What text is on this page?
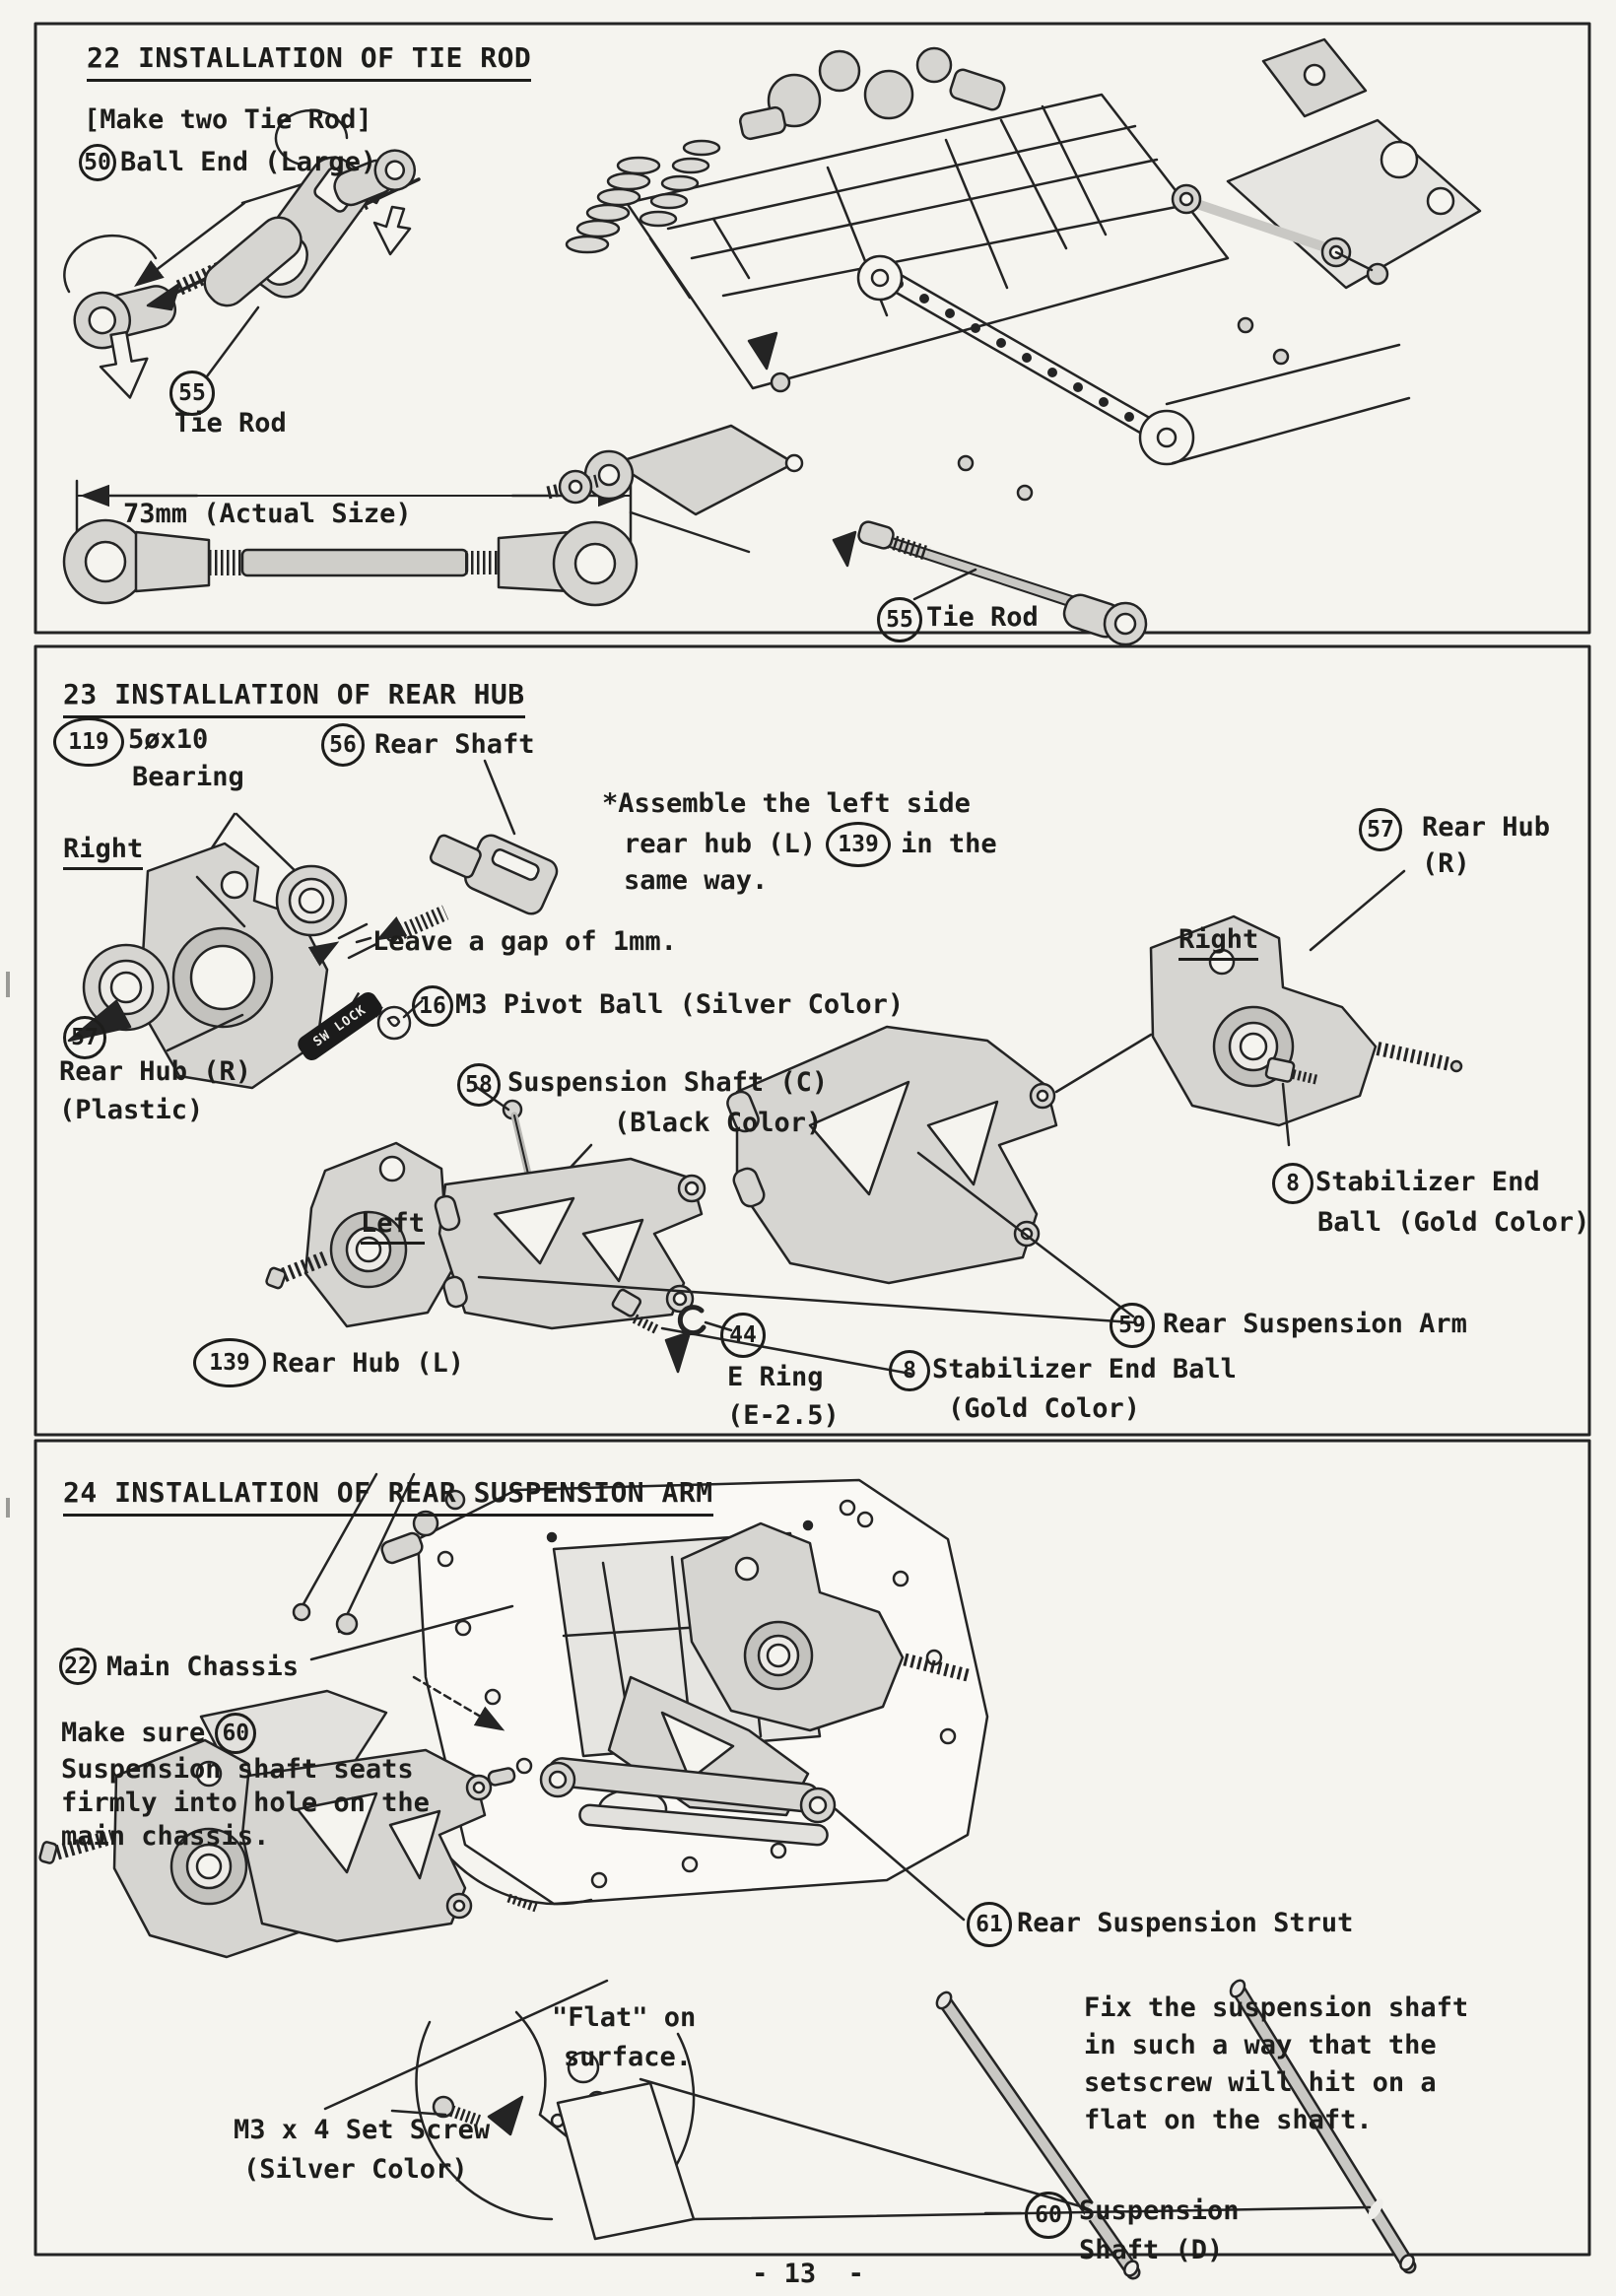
22 INSTALLATION OF TIE ROD
[Make two Tie Rod]
50 Ball End (Large)
55
Tie Rod
73mm (Actual Size)
55 Tie Rod
23 INSTALLATION OF REAR HUB
119 5øx10
Bearing
56 Rear Shaft
Right
*Assemble the left side
rear hub (L) 139 in the
same way.
57	Rear Hub
(R)
Right
Leave a gap of 1mm.
16 M3 Pivot Ball (Silver Color)
58 Suspension Shaft (C)
(Black Color)
57
Rear Hub (R)
(Plastic)
Left
139 Rear Hub (L)
44
E Ring
(E-2.5)
8 Stabilizer End
Ball (Gold Color)
59 Rear Suspension Arm
8 Stabilizer End Ball
(Gold Color)
SW LOCK
24 INSTALLATION OF REAR SUSPENSION ARM
22 Main Chassis
Make sure 60
Suspension shaft seats
firmly into hole on the
main chassis.
61 Rear Suspension Strut
Fix the suspension shaft
in such a way that the
setscrew will hit on a
flat on the shaft.
"Flat" on
surface.
M3 x 4 Set Screw
(Silver Color)
60 Suspension
Shaft (D)
- 13  -
